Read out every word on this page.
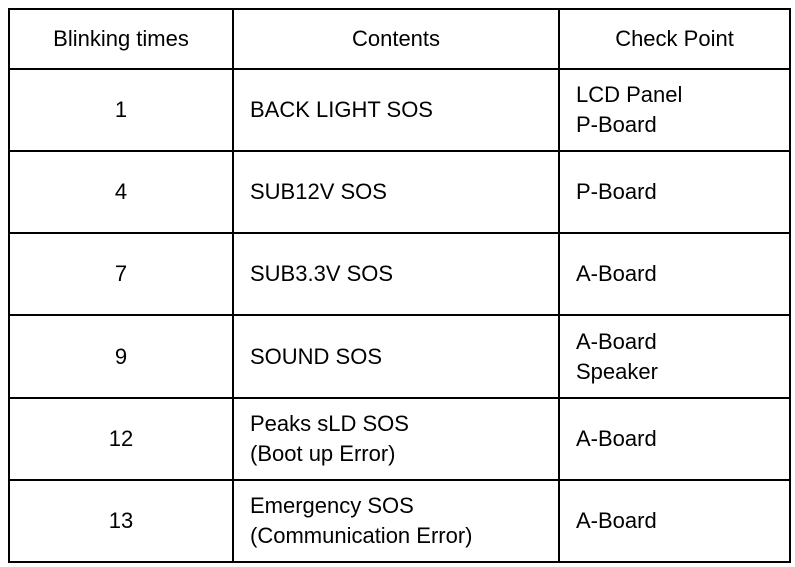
Blinking times	Contents	Check Point
1	BACK LIGHT SOS	LCD Panel
P-Board

4	SUB12V SOS	P-Board

7	SUB3.3V SOS	A-Board

9	SOUND SOS	A-Board
Speaker

12	Peaks sLD SOS
(Boot up Error)	A-Board

13	Emergency SOS
(Communication Error)	A-Board
